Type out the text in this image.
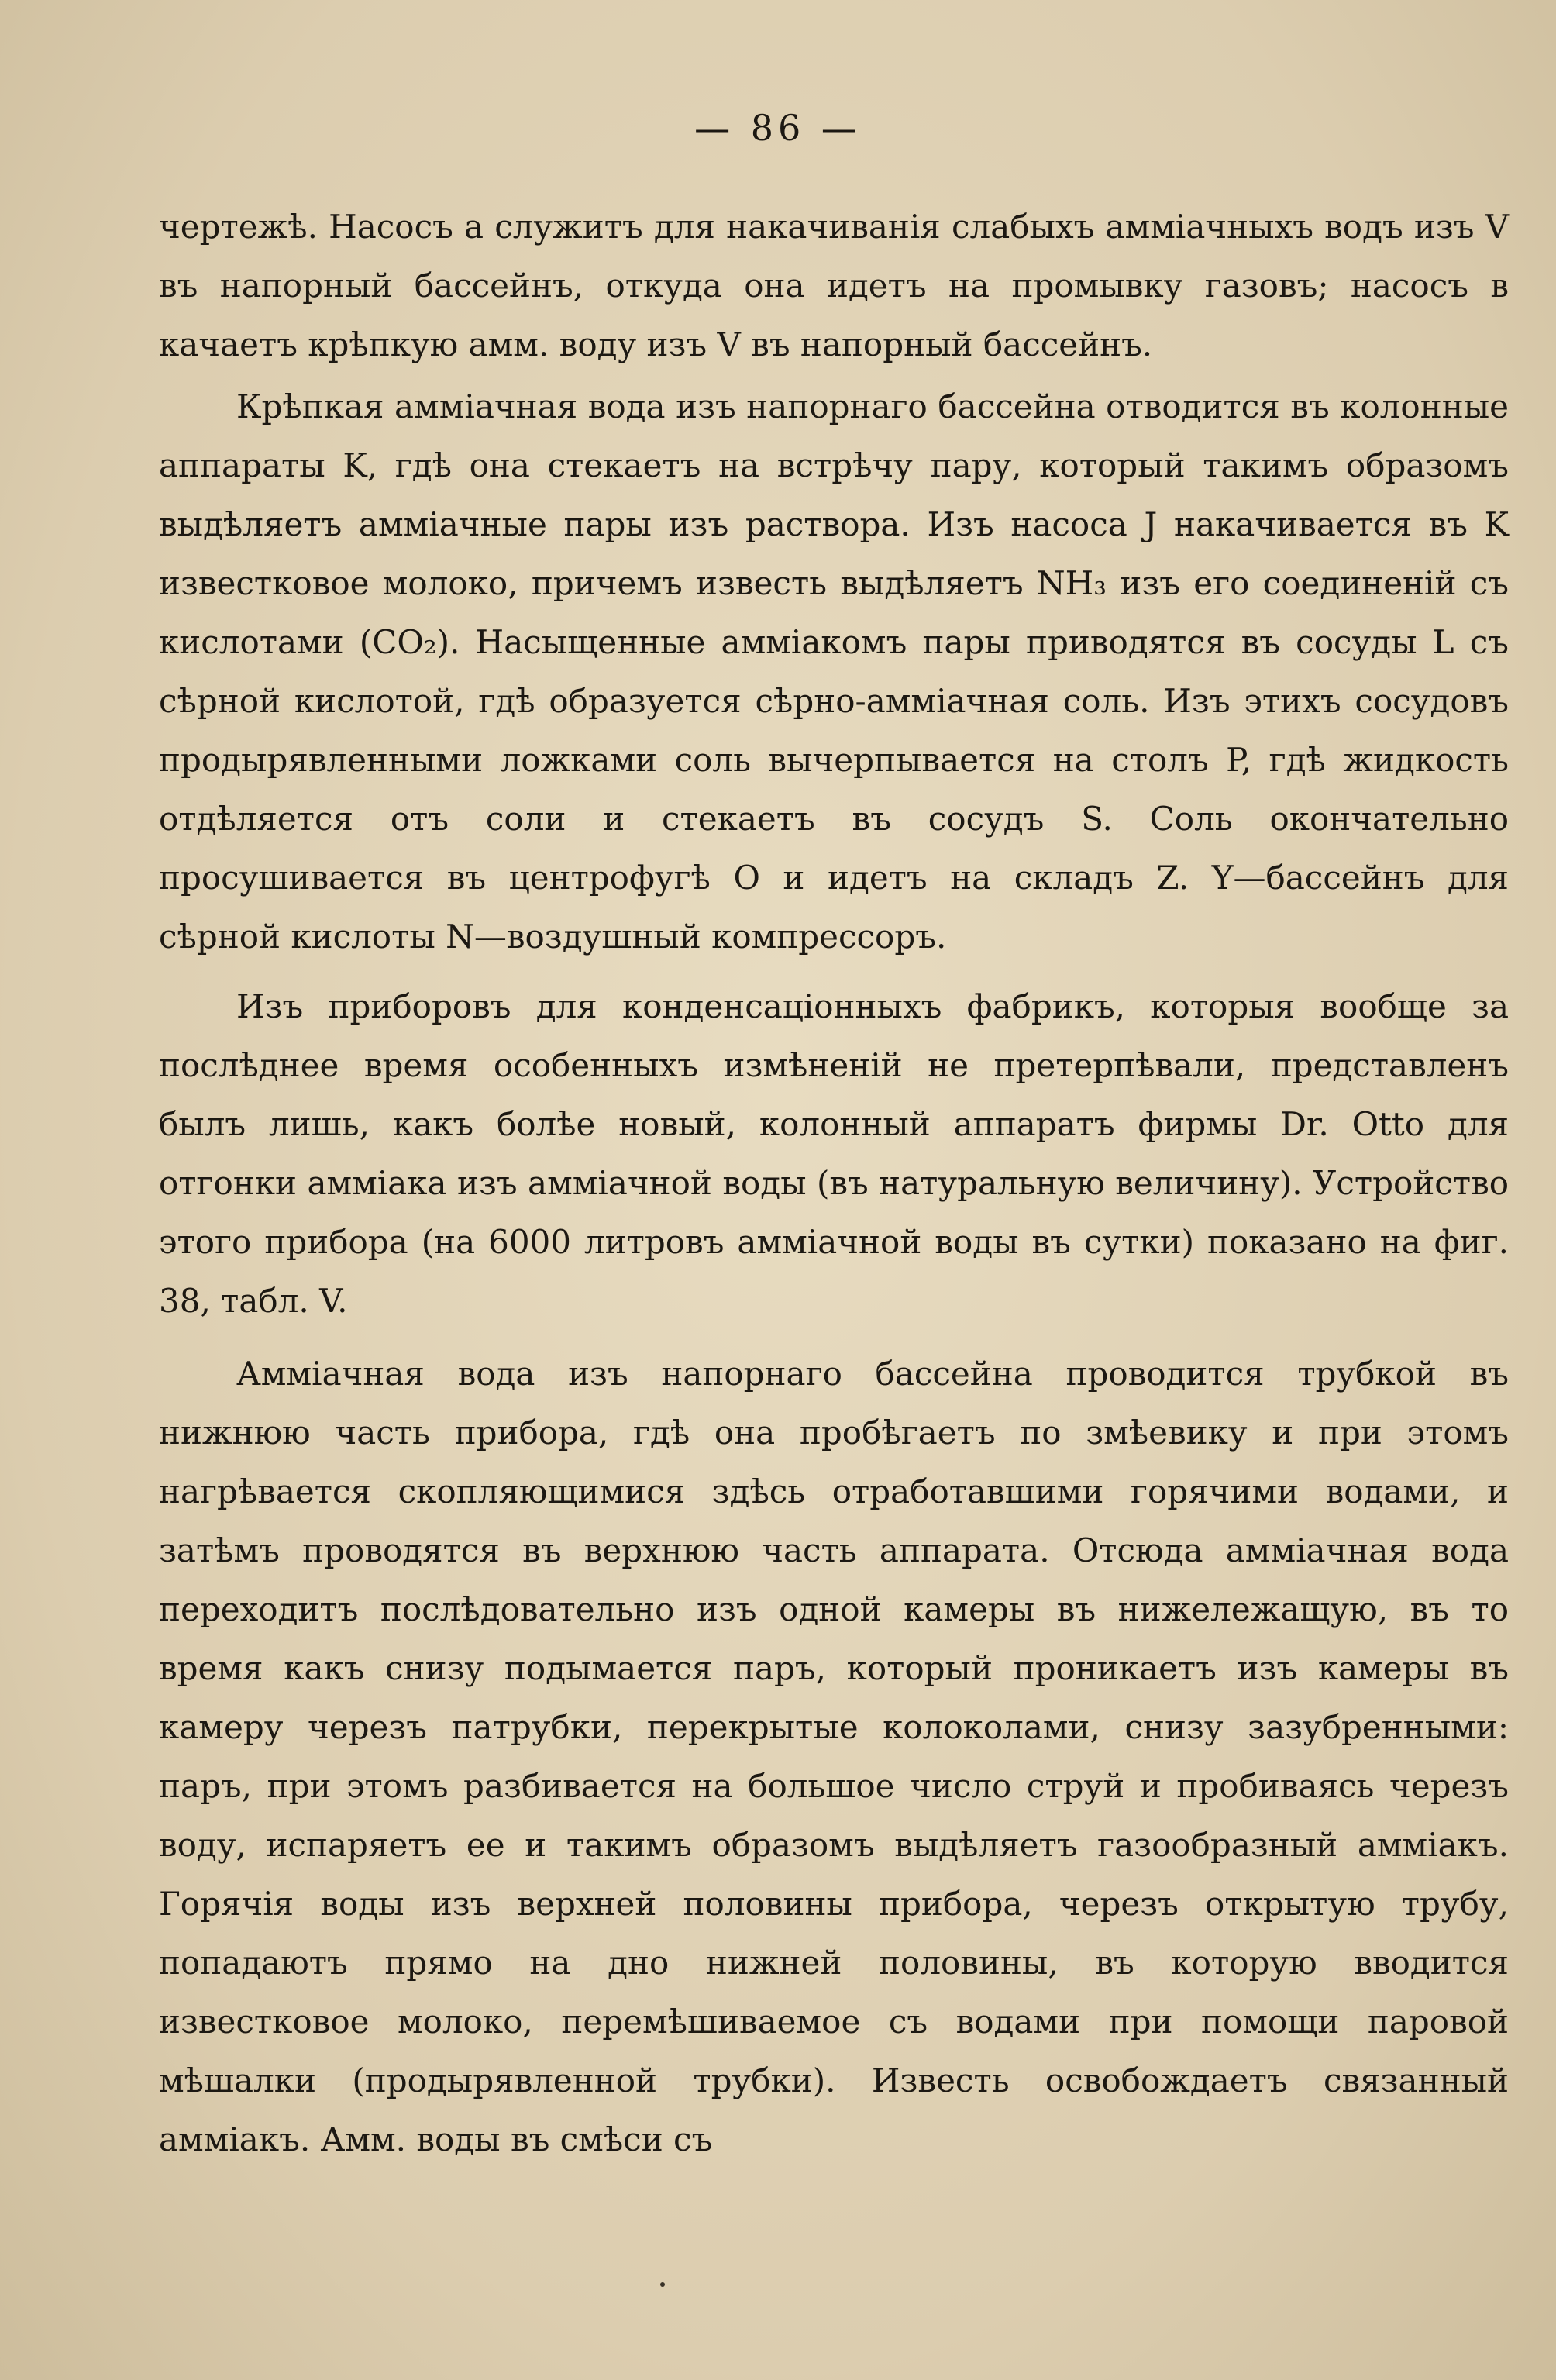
— 86 —

чертежѣ. Насосъ a служитъ для накачиванія слабыхъ аммiачныхъ водъ изъ V въ напорный бассейнъ, откуда она идетъ на промывку газовъ; насосъ в качаетъ крѣпкую амм. воду изъ V въ напорный бассейнъ.

Крѣпкая аммiачная вода изъ напорнаго бассейна отводится въ колонные аппараты K, гдѣ она стекаетъ на встрѣчу пару, который такимъ образомъ выдѣляетъ аммiачные пары изъ раствора. Изъ насоса J накачивается въ K известковое молоко, причемъ известь выдѣляетъ NH₃ изъ его соединенiй съ кислотами (CO₂). Насыщенные аммiакомъ пары приводятся въ сосуды L съ сѣрной кислотой, гдѣ образуется сѣрно-аммiачная соль. Изъ этихъ сосудовъ продырявленными ложками соль вычерпывается на столъ P, гдѣ жидкость отдѣляется отъ соли и стекаетъ въ сосудъ S. Соль окончательно просушивается въ центрофугѣ O и идетъ на складъ Z. Y—бассейнъ для сѣрной кислоты N—воздушный компрессоръ.

Изъ приборовъ для конденсацiонныхъ фабрикъ, которыя вообще за послѣднее время особенныхъ измѣненiй не претерпѣвали, представленъ былъ лишь, какъ болѣе новый, колонный аппаратъ фирмы Dr. Otto для отгонки аммiака изъ аммiачной воды (въ натуральную величину). Устройство этого прибора (на 6000 литровъ аммiачной воды въ сутки) показано на фиг. 38, табл. V.

Аммiачная вода изъ напорнаго бассейна проводится трубкой въ нижнюю часть прибора, гдѣ она пробѣгаетъ по змѣевику и при этомъ нагрѣвается скопляющимися здѣсь отработавшими горячими водами, и затѣмъ проводятся въ верхнюю часть аппарата. Отсюда аммiачная вода переходитъ послѣдовательно изъ одной камеры въ нижележащую, въ то время какъ снизу подымается паръ, который проникаетъ изъ камеры въ камеру черезъ патрубки, перекрытые колоколами, снизу зазубренными: паръ, при этомъ разбивается на большое число струй и пробиваясь черезъ воду, испаряетъ ее и такимъ образомъ выдѣляетъ газообразный аммiакъ. Горячія воды изъ верхней половины прибора, черезъ открытую трубу, попадаютъ прямо на дно нижней половины, въ которую вводится известковое молоко, перемѣшиваемое съ водами при помощи паровой мѣшалки (продырявленной трубки). Известь освобождаетъ связанный аммiакъ. Амм. воды въ смѣси съ
